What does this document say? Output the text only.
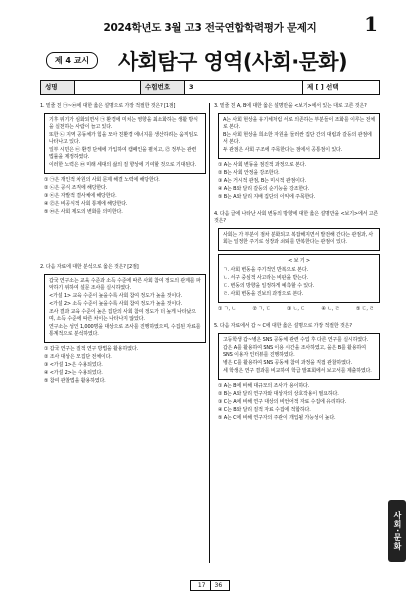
2024학년도 3월 고3 전국연합학력평가 문제지	1
제 4 교시	사회탐구 영역(사회·문화)
성명	수험번호	3	제 [ ] 선택
1. 밑줄 친 ㉠~㉤에 대한 옳은 설명으로 가장 적절한 것은? [1점]

기후 위기가 심화되면서 ㉠ 환경에 미치는 영향을 최소화하는 생활 방식을 실천하는 사람이 늘고 있다.

또한 ㉡ 지역 공동체가 힘을 모아 친환경 에너지를 생산하려는 움직임도 나타나고 있다.

일부 시민은 ㉢ 환경 단체에 가입하여 캠페인을 펼치고, ㉣ 정부는 관련 법률을 제정하였다.

이러한 노력은 ㉤ 미래 세대의 삶의 질 향상에 기여할 것으로 기대된다.

① ㉠은 개인적 차원의 사회 문제 해결 노력에 해당한다.
② ㉡은 공식 조직에 해당한다.
③ ㉢은 자발적 결사체에 해당한다.
④ ㉣은 비공식적 사회 통제에 해당한다.
⑤ ㉤은 사회 제도의 변화를 의미한다.
2. 다음 자료에 대한 분석으로 옳은 것은? [2점]

갑국 연구소는 교육 수준과 소득 수준에 따른 사회 참여 정도의 관계를 파악하기 위하여 설문 조사를 실시하였다.

<가설 1> 교육 수준이 높을수록 사회 참여 정도가 높을 것이다.

<가설 2> 소득 수준이 높을수록 사회 참여 정도가 높을 것이다.

조사 결과 교육 수준이 높은 집단의 사회 참여 정도가 더 높게 나타났으며, 소득 수준에 따른 차이는 나타나지 않았다.

연구소는 성인 1,000명을 대상으로 조사를 진행하였으며, 수집된 자료를 통계적으로 분석하였다.

① 갑국 연구는 질적 연구 방법을 활용하였다.
② 조사 대상은 모집단 전체이다.
③ <가설 1>은 수용되었다.
④ <가설 2>는 수용되었다.
⑤ 참여 관찰법을 활용하였다.
3. 밑줄 친 A, B에 대한 옳은 설명만을 <보기>에서 있는 대로 고른 것은?

A는 사회 현상을 유기체처럼 서로 의존하는 부분들이 조화를 이루는 전체로 본다.

B는 사회 현상을 희소한 자원을 둘러싼 집단 간의 대립과 갈등의 관점에서 본다.

두 관점은 사회 구조에 주목한다는 점에서 공통점이 있다.

① A는 사회 변동을 점진적 과정으로 본다.
② B는 사회 안정을 강조한다.
③ A는 거시적 관점, B는 미시적 관점이다.
④ A는 B와 달리 갈등의 순기능을 강조한다.
⑤ B는 A와 달리 지배 집단의 이익에 주목한다.
4. 다음 글에 나타난 사회 변동의 방향에 대한 옳은 설명만을 <보기>에서 고른 것은?

사회는 가 부분이 점차 분화되고 복잡해지면서 발전해 간다는 관점과, 사회는 일정한 주기로 성장과 쇠퇴를 반복한다는 관점이 있다.

< 보 기 >

ㄱ. 사회 변동을 주기적인 반복으로 본다.

ㄴ. 서구 중심적 사고라는 비판을 받는다.

ㄷ. 변동의 방향을 일정하게 예측할 수 있다.

ㄹ. 사회 변동을 진보의 과정으로 본다.

① ㄱ, ㄴ	② ㄱ, ㄷ	③ ㄴ, ㄷ	④ ㄴ, ㄹ	⑤ ㄷ, ㄹ
5. 다음 자료에서 갑 ~ C에 대한 옳은 설명으로 가장 적절한 것은?

고등학생 갑~병은 SNS 공동체 관련 수업 후 다른 연구를 실시하였다.

갑은 A를 활용하여 SNS 이용 시간을 조사하였고, 을은 B를 활용하여 SNS 이용자 인터뷰를 진행하였다.

병은 C를 활용하여 SNS 공동체 참여 과정을 직접 관찰하였다.

세 학생은 연구 결과를 비교하여 학급 발표회에서 보고서를 제출하였다.

① A는 B에 비해 대규모의 조사가 용이하다.
② B는 A와 달리 연구자와 대상자의 상호작용이 필요하다.
③ C는 A에 비해 연구 대상의 비언어적 자료 수집에 유리하다.
④ C는 B와 달리 질적 자료 수집에 적합하다.
⑤ A는 C에 비해 연구자의 주관이 개입될 가능성이 높다.
사회·문화
17 36
